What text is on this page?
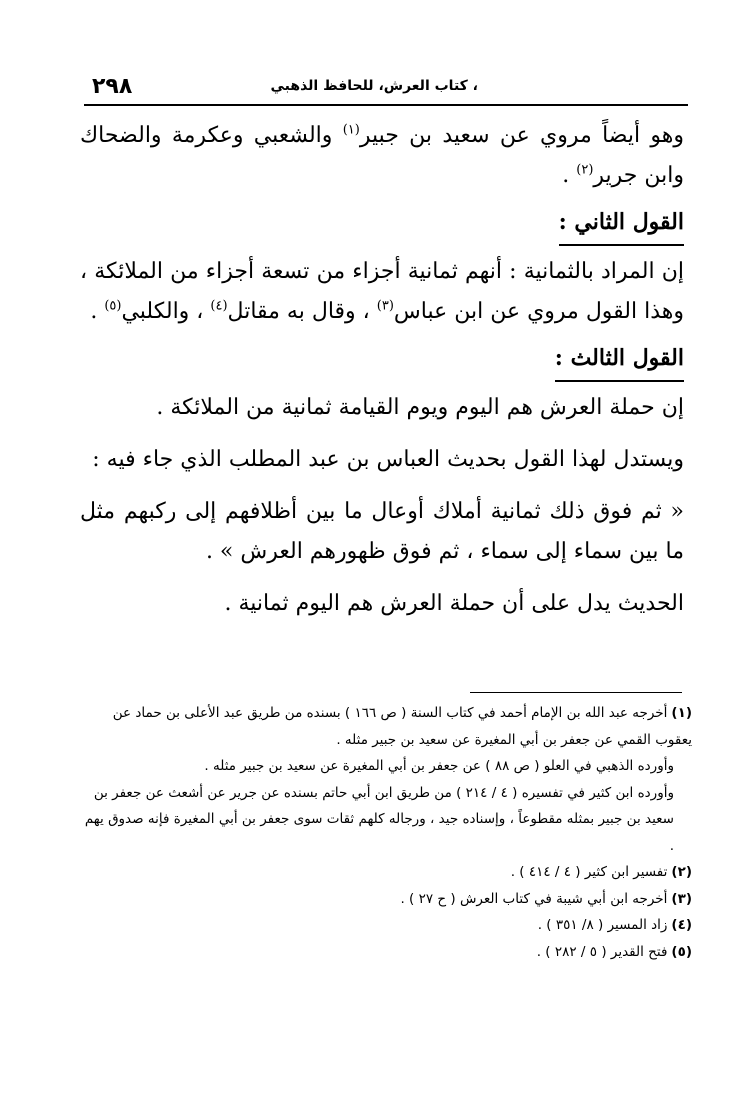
، كتاب العرش، للحافظ الذهبي
٢٩٨

وهو أيضاً مروي عن سعيد بن جبير$^{(١)}$ والشعبي وعكرمة والضحاك وابن جرير$^{(٢)}$ .

القول الثاني :

إن المراد بالثمانية : أنهم ثمانية أجزاء من تسعة أجزاء من الملائكة ، وهذا القول مروي عن ابن عباس$^{(٣)}$ ، وقال به مقاتل$^{(٤)}$ ، والكلبي$^{(٥)}$ .

القول الثالث :

إن حملة العرش هم اليوم ويوم القيامة ثمانية من الملائكة .

ويستدل لهذا القول بحديث العباس بن عبد المطلب الذي جاء فيه :

« ثم فوق ذلك ثمانية أملاك أوعال ما بين أظلافهم إلى ركبهم مثل ما بين سماء إلى سماء ، ثم فوق ظهورهم العرش » .

الحديث يدل على أن حملة العرش هم اليوم ثمانية .

(١)أخرجه عبد الله بن الإمام أحمد في كتاب السنة ( ص ١٦٦ ) بسنده من طريق عبد الأعلى بن حماد عن يعقوب القمي عن جعفر بن أبي المغيرة عن سعيد بن جبير مثله .

وأورده الذهبي في العلو ( ص ٨٨ ) عن جعفر بن أبي المغيرة عن سعيد بن جبير مثله .

وأورده ابن كثير في تفسيره ( ٤ / ٢١٤ ) من طريق ابن أبي حاتم بسنده عن جرير عن أشعث عن جعفر بن سعيد بن جبير بمثله مقطوعاً ، وإسناده جيد ، ورجاله كلهم ثقات سوى جعفر بن أبي المغيرة فإنه صدوق يهم .

(٢)تفسير ابن كثير ( ٤ / ٤١٤ ) .

(٣)أخرجه ابن أبي شيبة في كتاب العرش ( ح ٢٧ ) .

(٤)زاد المسير ( ٨/ ٣٥١ ) .

(٥)فتح القدير ( ٥ / ٢٨٢ ) .
